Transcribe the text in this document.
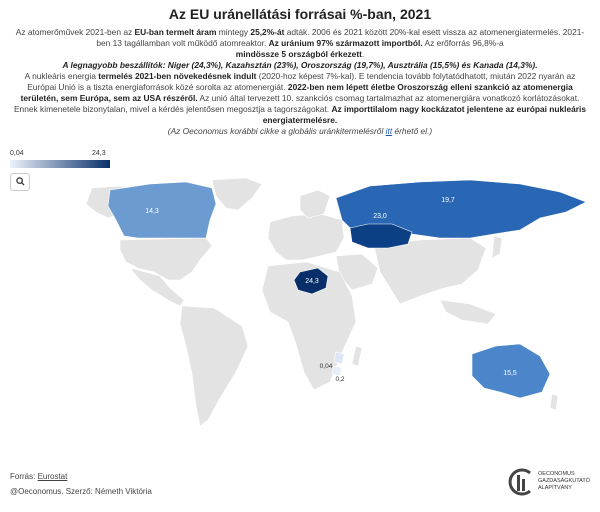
Az EU uránellátási forrásai %-ban, 2021

Az atomerőművek 2021-ben az EU-ban termelt áram mintegy 25,2%-át adták. 2006 és 2021 között 20%-kal esett vissza az atomenergiatermelés. 2021-ben 13 tagállamban volt működő atomreaktor. Az uránium 97% származott importból. Az erőforrás 96,8%-a
mindössze 5 országból érkezett.

A legnagyobb beszállítók: Niger (24,3%), Kazahsztán (23%), Oroszország (19,7%), Ausztrália (15,5%) és Kanada (14,3%).

A nukleáris energia termelés 2021-ben növekedésnek indult (2020-hoz képest 7%-kal). E tendencia tovább folytatódhatott, miután 2022 nyarán az Európai Unió is a tiszta energiaforrások közé sorolta az atomenergiát. 2022-ben nem lépett életbe Oroszország elleni szankció az atomenergia területén, sem Európa, sem az USA részéről. Az unió által tervezett 10. szankciós csomag tartalmazhat az atomenergiára vonatkozó korlátozásokat. Ennek kimenetele bizonytalan, mivel a kérdés jelentősen megosztja a tagországokat. Az importtilalom nagy kockázatot jelentene az európai nukleáris energiatermelésre.

(Az Oeconomus korábbi cikke a globális uránkitermelésről itt érhető el.)

0,04	24,3
14,3
19,7
23,0
24,3
15,5
0,04
0,2
Forrás: Eurostat
@Oeconomus. Szerző: Németh Viktória
OECONOMUS
GAZDASÁGKUTATÓ
ALAPÍTVÁNY
